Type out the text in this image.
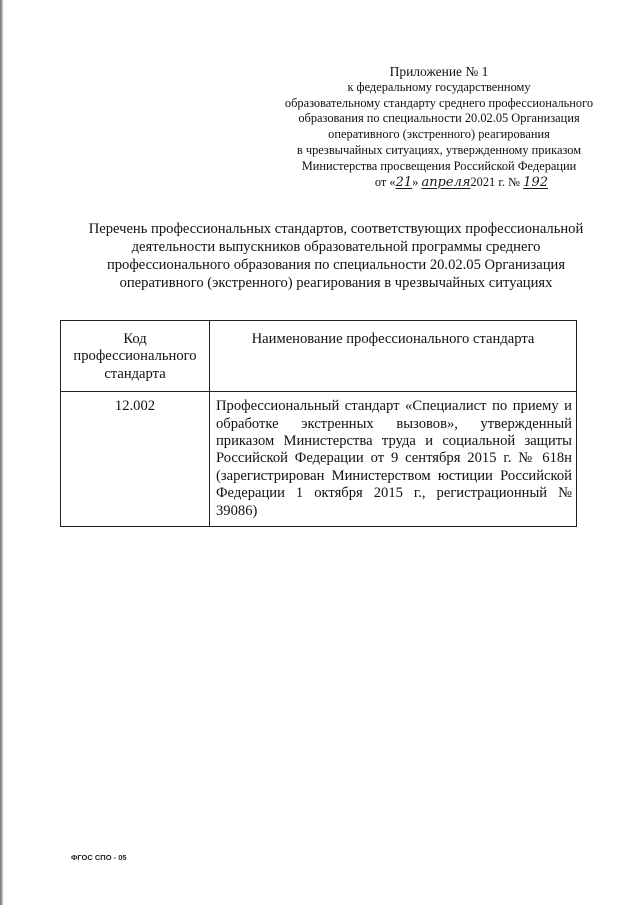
Приложение № 1
к федеральному государственному
образовательному стандарту среднего профессионального
образования по специальности 20.02.05 Организация
оперативного (экстренного) реагирования
в чрезвычайных ситуациях, утвержденному приказом
Министерства просвещения Российской Федерации
от «21» апреля2021 г. № 192
Перечень профессиональных стандартов, соответствующих профессиональной
деятельности выпускников образовательной программы среднего
профессионального образования по специальности 20.02.05 Организация
оперативного (экстренного) реагирования в чрезвычайных ситуациях
Код профессионального стандарта	Наименование профессионального стандарта
12.002	Профессиональный стандарт «Специалист по приему и обработке экстренных вызовов», утвержденный приказом Министерства труда и социальной защиты Российской Федерации от 9 сентября 2015 г. № 618н (зарегистрирован Министерством юстиции Российской Федерации 1 октября 2015 г., регистрационный № 39086)
ФГОС СПО - 05
